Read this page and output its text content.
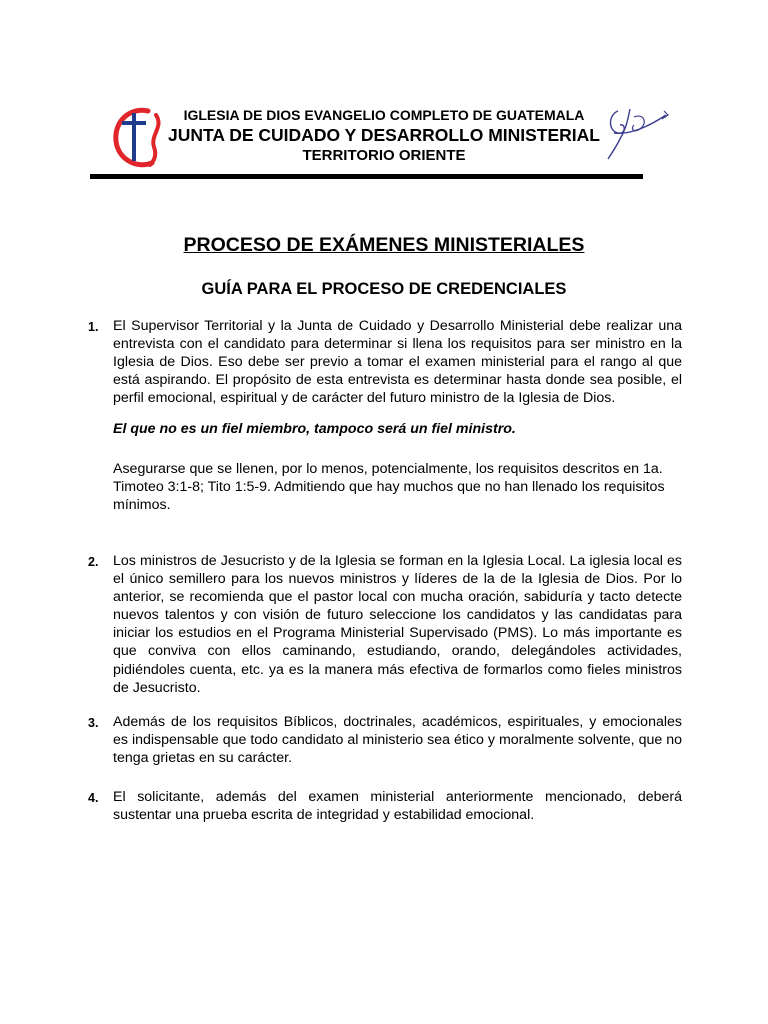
IGLESIA DE DIOS EVANGELIO COMPLETO DE GUATEMALA
JUNTA DE CUIDADO Y DESARROLLO MINISTERIAL
TERRITORIO ORIENTE
PROCESO DE EXÁMENES MINISTERIALES
GUÍA PARA EL PROCESO DE CREDENCIALES
1.	El Supervisor Territorial y la Junta de Cuidado y Desarrollo Ministerial debe realizar una entrevista con el candidato para determinar si llena los requisitos para ser ministro en la Iglesia de Dios. Eso debe ser previo a tomar el examen ministerial para el rango al que está aspirando. El propósito de esta entrevista es determinar hasta donde sea posible, el perfil emocional, espiritual y de carácter del futuro ministro de la Iglesia de Dios.
El que no es un fiel miembro, tampoco será un fiel ministro.
Asegurarse que se llenen, por lo menos, potencialmente, los requisitos descritos en 1a. Timoteo 3:1-8; Tito 1:5-9. Admitiendo que hay muchos que no han llenado los requisitos mínimos.
2.	Los ministros de Jesucristo y de la Iglesia se forman en la Iglesia Local. La iglesia local es el único semillero para los nuevos ministros y líderes de la de la Iglesia de Dios. Por lo anterior, se recomienda que el pastor local con mucha oración, sabiduría y tacto detecte nuevos talentos y con visión de futuro seleccione los candidatos y las candidatas para iniciar los estudios en el Programa Ministerial Supervisado (PMS). Lo más importante es que conviva con ellos caminando, estudiando, orando, delegándoles actividades, pidiéndoles cuenta, etc. ya es la manera más efectiva de formarlos como fieles ministros de Jesucristo.
3.	Además de los requisitos Bíblicos, doctrinales, académicos, espirituales, y emocionales es indispensable que todo candidato al ministerio sea ético y moralmente solvente, que no tenga grietas en su carácter.
4.	El solicitante, además del examen ministerial anteriormente mencionado, deberá sustentar una prueba escrita de integridad y estabilidad emocional.
